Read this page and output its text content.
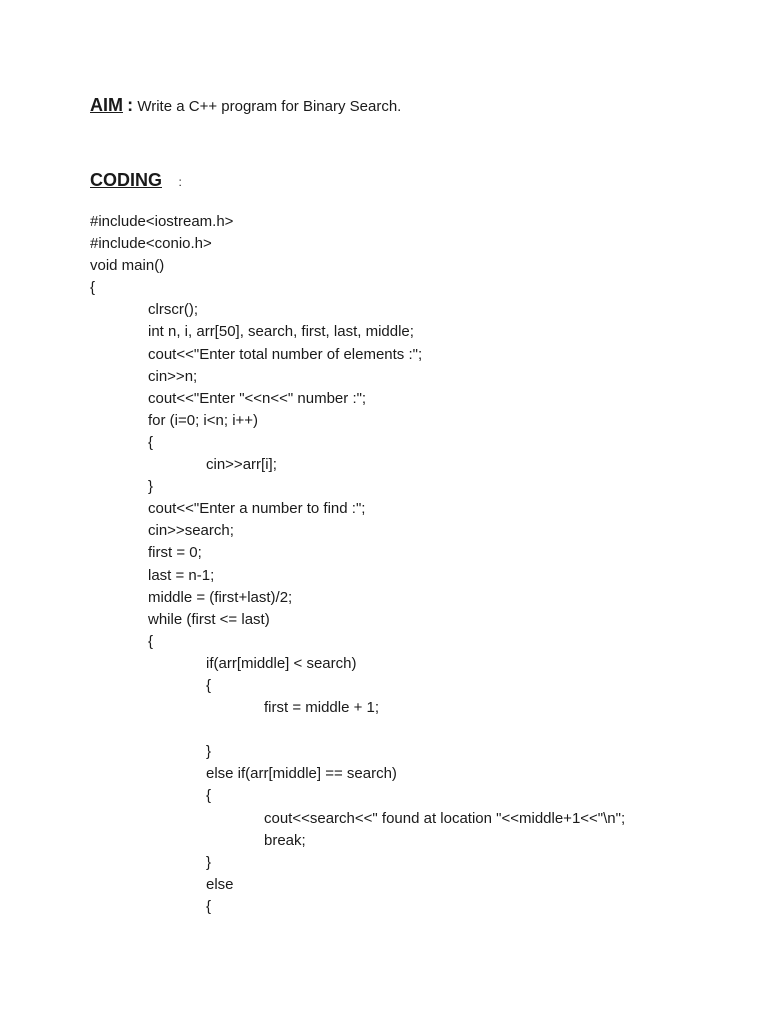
AIM : Write a C++ program for Binary Search.
CODING :
#include<iostream.h>
#include<conio.h>
void main()
{
clrscr();
int n, i, arr[50], search, first, last, middle;
cout<<"Enter total number of elements :";
cin>>n;
cout<<"Enter "<<n<<" number :";
for (i=0; i<n; i++)
{
cin>>arr[i];
}
cout<<"Enter a number to find :";
cin>>search;
first = 0;
last = n-1;
middle = (first+last)/2;
while (first <= last)
{
if(arr[middle] < search)
{
first = middle + 1;
}
else if(arr[middle] == search)
{
cout<<search<<" found at location "<<middle+1<<"\n";
break;
}
else
{
